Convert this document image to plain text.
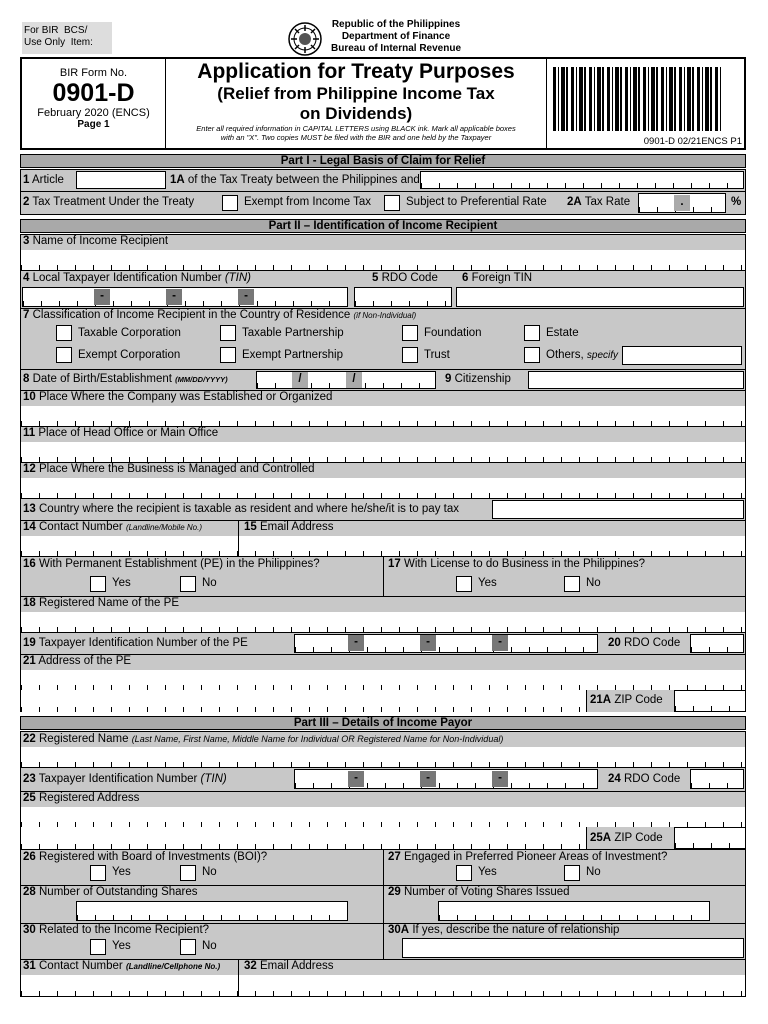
For BIR BCS/
Use Only Item:
Republic of the Philippines
Department of Finance
Bureau of Internal Revenue
BIR Form No.
0901-D
February 2020 (ENCS)
Page 1
Application for Treaty Purposes
(Relief from Philippine Income Tax
on Dividends)
Enter all required information in CAPITAL LETTERS using BLACK ink. Mark all applicable boxes
with an "X". Two copies MUST be filed with the BIR and one held by the Taxpayer	0901-D 02/21ENCS P1
Part I - Legal Basis of Claim for Relief
1 Article	1A of the Tax Treaty between the Philippines and
2 Tax Treatment Under the Treaty	Exempt from Income Tax	Subject to Preferential Rate 2A Tax Rate	.	%
Part II – Identification of Income Recipient
3 Name of Income Recipient
4 Local Taxpayer Identification Number (TIN)
-	-	-
5 RDO Code 6 Foreign TIN
7 Classification of Income Recipient in the Country of Residence (if Non-Individual)
Taxable Corporation	Taxable Partnership	Foundation	Estate
Exempt Corporation	Exempt Partnership	Trust	Others, specify
8 Date of Birth/Establishment (MM/DD/YYYY)	/	/	9 Citizenship
10 Place Where the Company was Established or Organized
11 Place of Head Office or Main Office
12 Place Where the Business is Managed and Controlled
13 Country where the recipient is taxable as resident and where he/she/it is to pay tax
14 Contact Number (Landline/Mobile No.)	15 Email Address
16 With Permanent Establishment (PE) in the Philippines?
Yes	No
17 With License to do Business in the Philippines?
Yes	No
18 Registered Name of the PE
19 Taxpayer Identification Number of the PE	-	-	-	20 RDO Code
21 Address of the PE
21A ZIP Code
Part III – Details of Income Payor
22 Registered Name (Last Name, First Name, Middle Name for Individual OR Registered Name for Non-Individual)
23 Taxpayer Identification Number (TIN)	-	-	-	24 RDO Code
25 Registered Address
25A ZIP Code
26 Registered with Board of Investments (BOI)?
Yes	No
27 Engaged in Preferred Pioneer Areas of Investment?
Yes	No
28 Number of Outstanding Shares	29 Number of Voting Shares Issued
30 Related to the Income Recipient?
Yes	No
30A If yes, describe the nature of relationship
31 Contact Number (Landline/Cellphone No.) 32 Email Address
